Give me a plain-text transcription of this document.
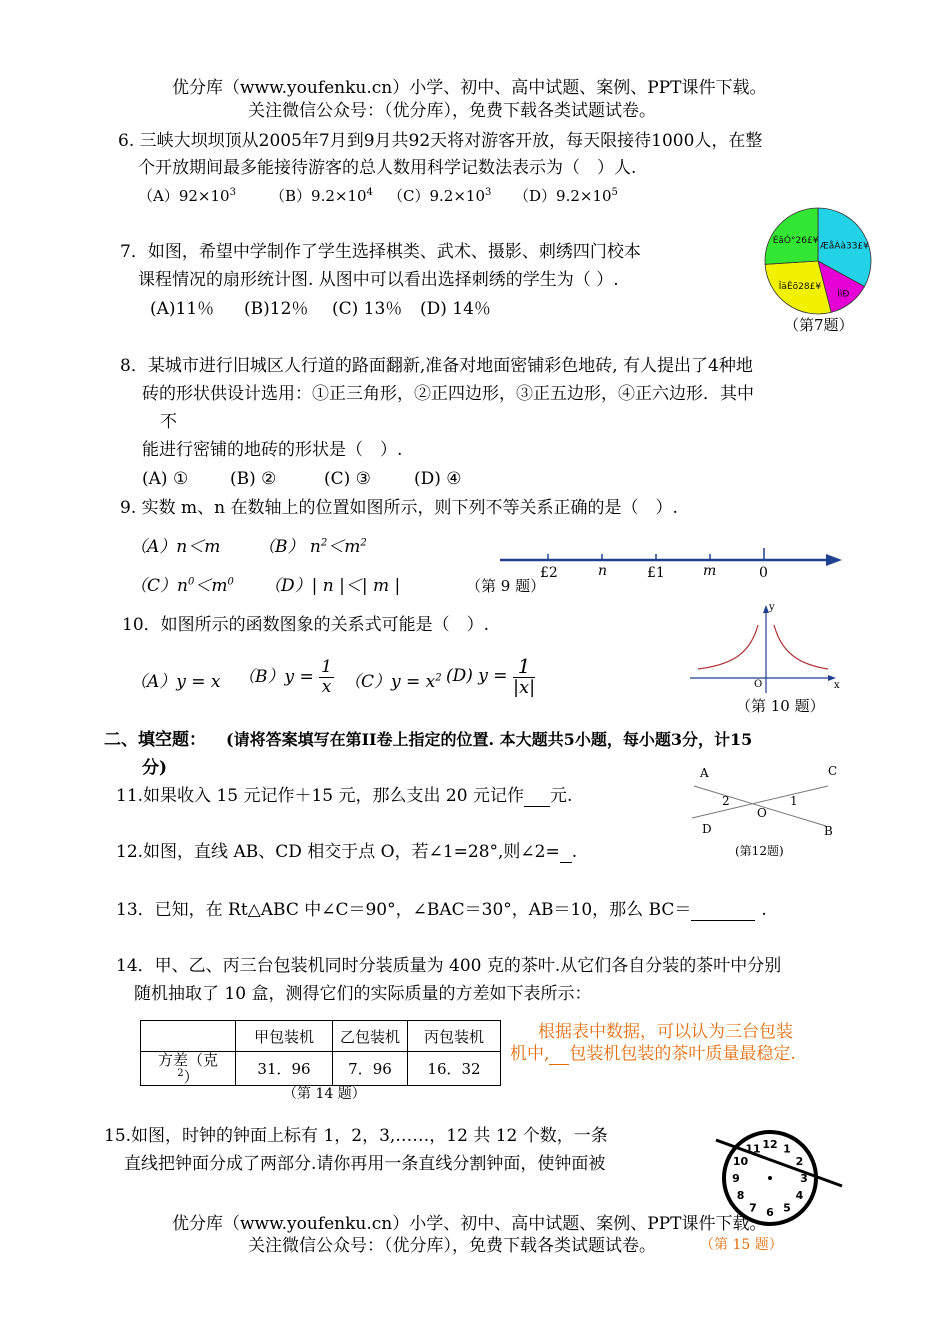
优分库（www.youfenku.cn）小学、初中、高中试题、案例、PPT课件下载。
关注微信公众号：（优分库），免费下载各类试题试卷。
6. 三峡大坝坝顶从2005年7月到9月共92天将对游客开放，每天限接待1000人，在整
个开放期间最多能接待游客的总人数用科学记数法表示为（　）人.
$(A)92\times 10^3$ $(B)9.2\times 10^4$ $(C)9.2\times 10^3$ $(D)9.2\times 10^5$
7．如图，希望中学制作了学生选择棋类、武术、摄影、刺绣四门校本
课程情况的扇形统计图. 从图中可以看出选择刺绣的学生为（ ）.
(A)11％ (B)12％ (C) 13％ (D) 14％
ÆåÀà33£¥
ÌìÐ
ÎäÊõ28£¥
ÉãÓ°26£¥
（第7题）
8．某城市进行旧城区人行道的路面翻新,准备对地面密铺彩色地砖, 有人提出了4种地
砖的形状供设计选用：①正三角形，②正四边形，③正五边形，④正六边形．其中
不
能进行密铺的地砖的形状是（　）.
(A) ① (B) ②	(C) ③	(D) ④
9. 实数 m、n 在数轴上的位置如图所示，则下列不等关系正确的是（　）.
（A）n＜m （B） $n^2<m^2$
$(C)n^0<m^0$ （D）| n |＜| m |	（第 9 题）
£2	n	£1	m	0
10．如图所示的函数图象的关系式可能是（　）.
（A）y = x $(B)y = \frac{1}{x} (C)y = x^2$ (D) $y = \frac{1}{|x|}$
y
x
O
（第 10 题）
二、填空题： (请将答案填写在第II卷上指定的位置. 本大题共5小题，每小题3分，计15
分)
11.如果收入 15 元记作＋15 元，那么支出 20 元记作 元.
12.如图，直线 AB、CD 相交于点 O，若∠1=28°,则∠2= .
A	C
2	1
O
D	B
(第12题)
13．已知，在 Rt△ABC 中∠C＝90°，∠BAC＝30°，AB＝10，那么 BC＝	.
14．甲、乙、丙三台包装机同时分装质量为 400 克的茶叶.从它们各自分装的茶叶中分别
随机抽取了 10 盒，测得它们的实际质量的方差如下表所示：
	甲包装机	乙包装机	丙包装机
方差（克
$^2$）	31．96	7．96	16．32
（第 14 题）
根据表中数据，可以认为三台包装
机中, 包装机包装的茶叶质量最稳定.
15.如图，时钟的钟面上标有 1，2，3,……，12 共 12 个数，一条
直线把钟面分成了两部分.请你再用一条直线分割钟面，使钟面被
12 1
2
3
4
5
6
7
8
9
10
11
（第 15 题）
优分库（www.youfenku.cn）小学、初中、高中试题、案例、PPT课件下载。
关注微信公众号：（优分库），免费下载各类试题试卷。
